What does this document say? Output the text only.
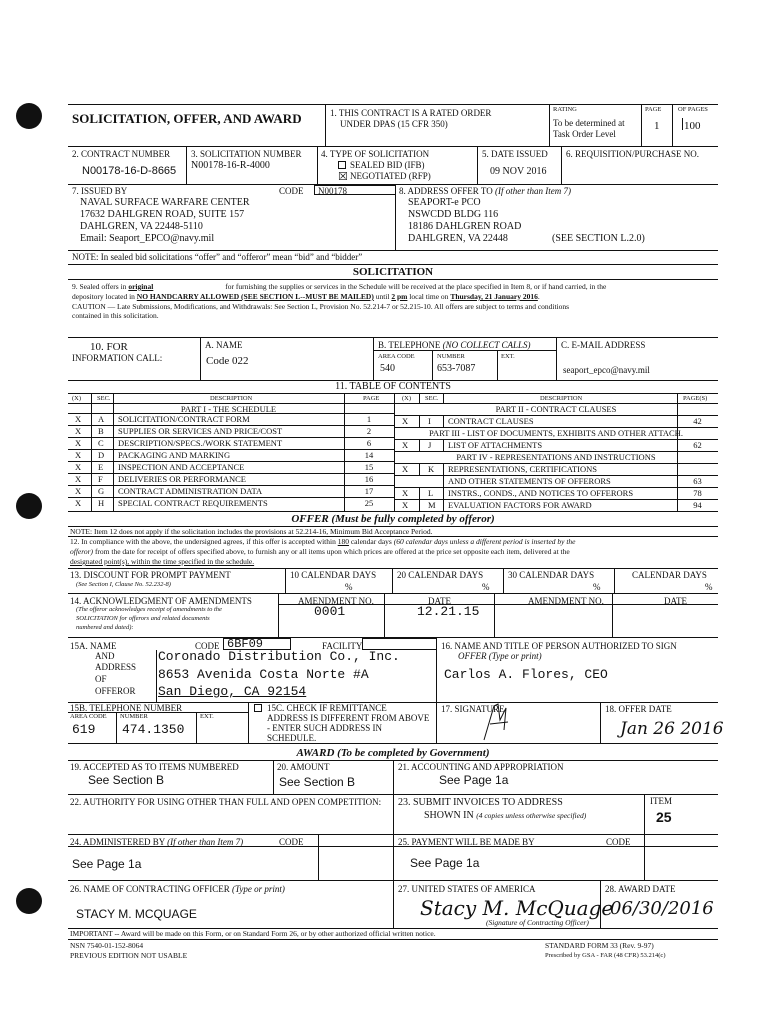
SOLICITATION, OFFER, AND AWARD	1. THIS CONTRACT IS A RATED ORDER
UNDER DPAS (15 CFR 350)
RATING
To be determined at
Task Order Level
PAGE
1
OF PAGES
100
2. CONTRACT NUMBER
N00178-16-D-8665
3. SOLICITATION NUMBER
N00178-16-R-4000
4. TYPE OF SOLICITATION
SEALED BID (IFB)
☒ NEGOTIATED (RFP)
5. DATE ISSUED
09 NOV 2016
6. REQUISITION/PURCHASE NO.
7. ISSUED BY	CODE N00178
NAVAL SURFACE WARFARE CENTER
17632 DAHLGREN ROAD, SUITE 157
DAHLGREN, VA 22448-5110
Email: Seaport_EPCO@navy.mil
8. ADDRESS OFFER TO (If other than Item 7)
SEAPORT-e PCO
NSWCDD BLDG 116
18186 DAHLGREN ROAD
DAHLGREN, VA 22448	(SEE SECTION L.2.0)
NOTE: In sealed bid solicitations “offer” and “offeror” mean “bid” and “bidder”
SOLICITATION
9. Sealed offers in original	for furnishing the supplies or services in the Schedule will be received at the place specified in Item 8, or if hand carried, in the
depository located in NO HANDCARRY ALLOWED (SEE SECTION L--MUST BE MAILED) until 2 pm local time on Thursday, 21 January 2016.
CAUTION — Late Submissions, Modifications, and Withdrawals: See Section L, Provision No. 52.214-7 or 52.215-10. All offers are subject to terms and conditions
contained in this solicitation.
10. FOR
INFORMATION CALL:
A. NAME
Code 022
B. TELEPHONE (NO COLLECT CALLS)
AREA CODE
540
NUMBER
653-7087
EXT.
C. E-MAIL ADDRESS
seaport_epco@navy.mil
11. TABLE OF CONTENTS
(X) SEC.	DESCRIPTION	PAGE	(X) SEC.	DESCRIPTION	PAGE(S)
X A SOLICITATION/CONTRACT FORM	1
X B SUPPLIES OR SERVICES AND PRICE/COST	2
X C DESCRIPTION/SPECS./WORK STATEMENT	6
X D PACKAGING AND MARKING	14
X E INSPECTION AND ACCEPTANCE	15
X F DELIVERIES OR PERFORMANCE	16
X G CONTRACT ADMINISTRATION DATA	17
X H SPECIAL CONTRACT REQUIREMENTS	25
PART II - CONTRACT CLAUSES
X I CONTRACT CLAUSES	42
PART III - LIST OF DOCUMENTS, EXHIBITS AND OTHER ATTACH.
X J LIST OF ATTACHMENTS	62
PART IV - REPRESENTATIONS AND INSTRUCTIONS
X K REPRESENTATIONS, CERTIFICATIONS
AND OTHER STATEMENTS OF OFFERORS	63
X L INSTRS., CONDS., AND NOTICES TO OFFERORS	78
X M EVALUATION FACTORS FOR AWARD	94
PART I - THE SCHEDULE
OFFER (Must be fully completed by offeror)
NOTE: Item 12 does not apply if the solicitation includes the provisions at 52.214-16, Minimum Bid Acceptance Period.
12. In compliance with the above, the undersigned agrees, if this offer is accepted within 180 calendar days (60 calendar days unless a different period is inserted by the
offeror) from the date for receipt of offers specified above, to furnish any or all items upon which prices are offered at the price set opposite each item, delivered at the
designated point(s), within the time specified in the schedule.
13. DISCOUNT FOR PROMPT PAYMENT
(See Section I, Clause No. 52.232-8)
10 CALENDAR DAYS
%
20 CALENDAR DAYS
%
30 CALENDAR DAYS
%
CALENDAR DAYS
%
14. ACKNOWLEDGMENT OF AMENDMENTS
(The offeror acknowledges receipt of amendments to the
SOLICITATION for offerors and related documents
numbered and dated):
AMENDMENT NO.	DATE	AMENDMENT NO.	DATE
0001	12.21.15
15A. NAME
AND
ADDRESS
OF
OFFEROR
CODE 6BF09	FACILITY
Coronado Distribution Co., Inc.
8653 Avenida Costa Norte #A
San Diego, CA 92154
16. NAME AND TITLE OF PERSON AUTHORIZED TO SIGN
OFFER (Type or print)
Carlos A. Flores, CEO
15B. TELEPHONE NUMBER
AREA CODE NUMBER	EXT.
619 474.1350
15C. CHECK IF REMITTANCE
ADDRESS IS DIFFERENT FROM ABOVE
- ENTER SUCH ADDRESS IN
SCHEDULE.
17. SIGNATURE	18. OFFER DATE
Jan 26 2016
AWARD (To be completed by Government)
19. ACCEPTED AS TO ITEMS NUMBERED
See Section B
20. AMOUNT
See Section B
21. ACCOUNTING AND APPROPRIATION
See Page 1a
22. AUTHORITY FOR USING OTHER THAN FULL AND OPEN COMPETITION: 23. SUBMIT INVOICES TO ADDRESS
SHOWN IN (4 copies unless otherwise specified)
ITEM
25
24. ADMINISTERED BY (If other than Item 7)	CODE
See Page 1a
25. PAYMENT WILL BE MADE BY	CODE
See Page 1a
26. NAME OF CONTRACTING OFFICER (Type or print)
STACY M. MCQUAGE
27. UNITED STATES OF AMERICA
Stacy M. McQuage
(Signature of Contracting Officer)
28. AWARD DATE
06/30/2016
IMPORTANT -- Award will be made on this Form, or on Standard Form 26, or by other authorized official written notice.
NSN 7540-01-152-8064
PREVIOUS EDITION NOT USABLE
STANDARD FORM 33 (Rev. 9-97)
Prescribed by GSA - FAR (48 CFR) 53.214(c)
